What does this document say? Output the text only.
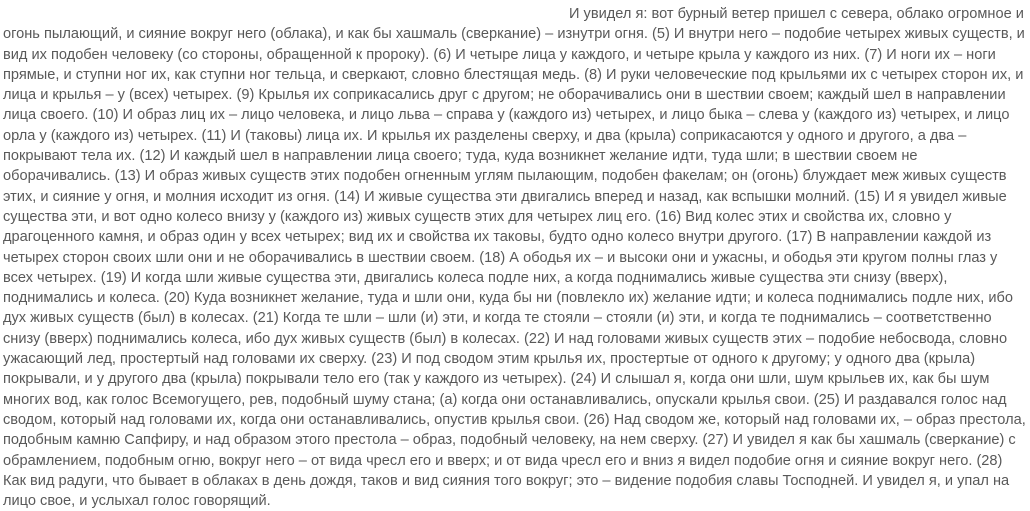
И увидел я: вот бурный ветер пришел с севера, облако огромное и огонь пылающий, и сияние вокруг него (облака), и как бы хашмаль (сверкание) – изнутри огня. (5) И внутри него – подобие четырех живых существ, и вид их подобен человеку (со стороны, обращенной к пророку). (6) И четыре лица у каждого, и четыре крыла у каждого из них. (7) И ноги их – ноги прямые, и ступни ног их, как ступни ног тельца, и сверкают, словно блестящая медь. (8) И руки человеческие под крыльями их с четырех сторон их, и лица и крылья – у (всех) четырех. (9) Крылья их соприкасались друг с другом; не оборачивались они в шествии своем; каждый шел в направлении лица своего. (10) И образ лиц их – лицо человека, и лицо льва – справа у (каждого из) четырех, и лицо быка – слева у (каждого из) четырех, и лицо орла у (каждого из) четырех. (11) И (таковы) лица их. И крылья их разделены сверху, и два (крыла) соприкасаются у одного и другого, а два – покрывают тела их. (12) И каждый шел в направлении лица своего; туда, куда возникнет желание идти, туда шли; в шествии своем не оборачивались. (13) И образ живых существ этих подобен огненным углям пылающим, подобен факелам; он (огонь) блуждает меж живых существ этих, и сияние у огня, и молния исходит из огня. (14) И живые существа эти двигались вперед и назад, как вспышки молний. (15) И я увидел живые существа эти, и вот одно колесо внизу у (каждого из) живых существ этих для четырех лиц его. (16) Вид колес этих и свойства их, словно у драгоценного камня, и образ один у всех четырех; вид их и свойства их таковы, будто одно колесо внутри другого. (17) В направлении каждой из четырех сторон своих шли они и не оборачивались в шествии своем. (18) А ободья их – и высоки они и ужасны, и ободья эти кругом полны глаз у всех четырех. (19) И когда шли живые существа эти, двигались колеса подле них, а когда поднимались живые существа эти снизу (вверх), поднимались и колеса. (20) Куда возникнет желание, туда и шли они, куда бы ни (повлекло их) желание идти; и колеса поднимались подле них, ибо дух живых существ (был) в колесах. (21) Когда те шли – шли (и) эти, и когда те стояли – стояли (и) эти, и когда те поднимались – соответственно снизу (вверх) поднимались колеса, ибо дух живых существ (был) в колесах. (22) И над головами живых существ этих – подобие небосвода, словно ужасающий лед, простертый над головами их сверху. (23) И под сводом этим крылья их, простертые от одного к другому; у одного два (крыла) покрывали, и у другого два (крыла) покрывали тело его (так у каждого из четырех). (24) И слышал я, когда они шли, шум крыльев их, как бы шум многих вод, как голос Всемогущего, рев, подобный шуму стана; (а) когда они останавливались, опускали крылья свои. (25) И раздавался голос над сводом, который над головами их, когда они останавливались, опустив крылья свои. (26) Над сводом же, который над головами их, – образ престола, подобным камню Сапфиру, и над образом этого престола – образ, подобный человеку, на нем сверху. (27) И увидел я как бы хашмаль (сверкание) с обрамлением, подобным огню, вокруг него – от вида чресл его и вверх; и от вида чресл его и вниз я видел подобие огня и сияние вокруг него. (28) Как вид радуги, что бывает в облаках в день дождя, таков и вид сияния того вокруг; это – видение подобия славы Тосподней. И увидел я, и упал на лицо свое, и услыхал голос говорящий.
